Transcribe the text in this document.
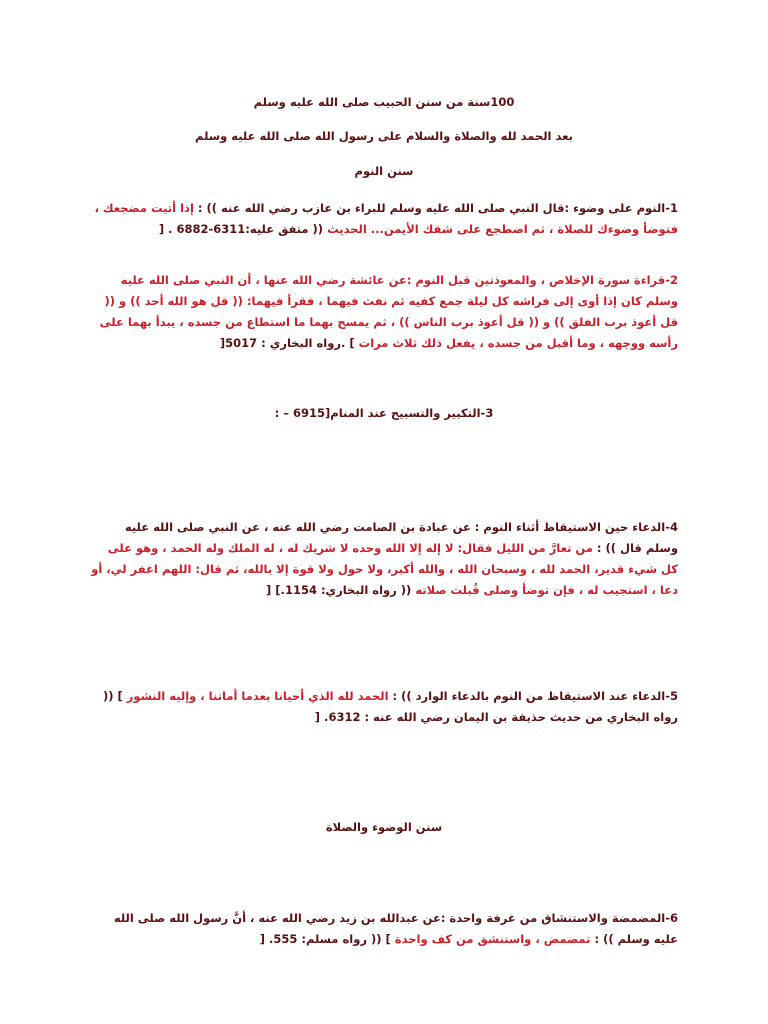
100سنة من سنن الحبيب صلى الله عليه وسلم
بعد الحمد لله والصلاة والسلام على رسول الله صلى الله عليه وسلم
سنن النوم
1-النوم على وضوء :قال النبي صلى الله عليه وسلم للبراء بن عازب رضي الله عنه )) : إذا أتيت مضجعك ، فتوضأ وضوءك للصلاة ، ثم اضطجع على شقك الأيمن... الحديث (( متفق عليه:6311-6882 . [
2-قراءة سورة الإخلاص ، والمعوذتين قبل النوم :عن عائشة رضي الله عنها ، أن النبي صلى الله عليه وسلم كان إذا أوى إلى فراشه كل ليلة جمع كفيه ثم نفث فيهما ، فقرأ فيهما: (( قل هو الله أحد )) و (( قل أعوذ برب الفلق )) و (( قل أعوذ برب الناس )) ، ثم يمسح بهما ما استطاع من جسده ، يبدأ بهما على رأسه ووجهه ، وما أقبل من جسده ، يفعل ذلك ثلاث مرات ] .رواه البخاري : 5017[
3-التكبير والتسبيح عند المنام[6915 – :
4-الدعاء حين الاستيقاظ أثناء النوم : عن عبادة بن الصامت رضي الله عنه ، عن النبي صلى الله عليه وسلم قال )) : من تعارَّ من الليل فقال: لا إله إلا الله وحده لا شريك له ، له الملك وله الحمد ، وهو على كل شيء قدير، الحمد لله ، وسبحان الله ، والله أكبر، ولا حول ولا قوة إلا بالله، ثم قال: اللهم اغفر لي، أو دعا ، استجيب له ، فإن توضأ وصلى قُبلت صلاته (( رواه البخاري: 1154.] [
5-الدعاء عند الاستيقاظ من النوم بالدعاء الوارد )) : الحمد لله الذي أحيانا بعدما أماتنا ، وإليه النشور ] (( رواه البخاري من حديث حذيفة بن اليمان رضي الله عنه : 6312. [
سنن الوضوء والصلاة
6-المضمضة والاستنشاق من غرفة واحدة :عن عبدالله بن زيد رضي الله عنه ، أنَّ رسول الله صلى الله عليه وسلم )) : تمضمض ، واستنشق من كف واحدة ] (( رواه مسلم: 555. [
